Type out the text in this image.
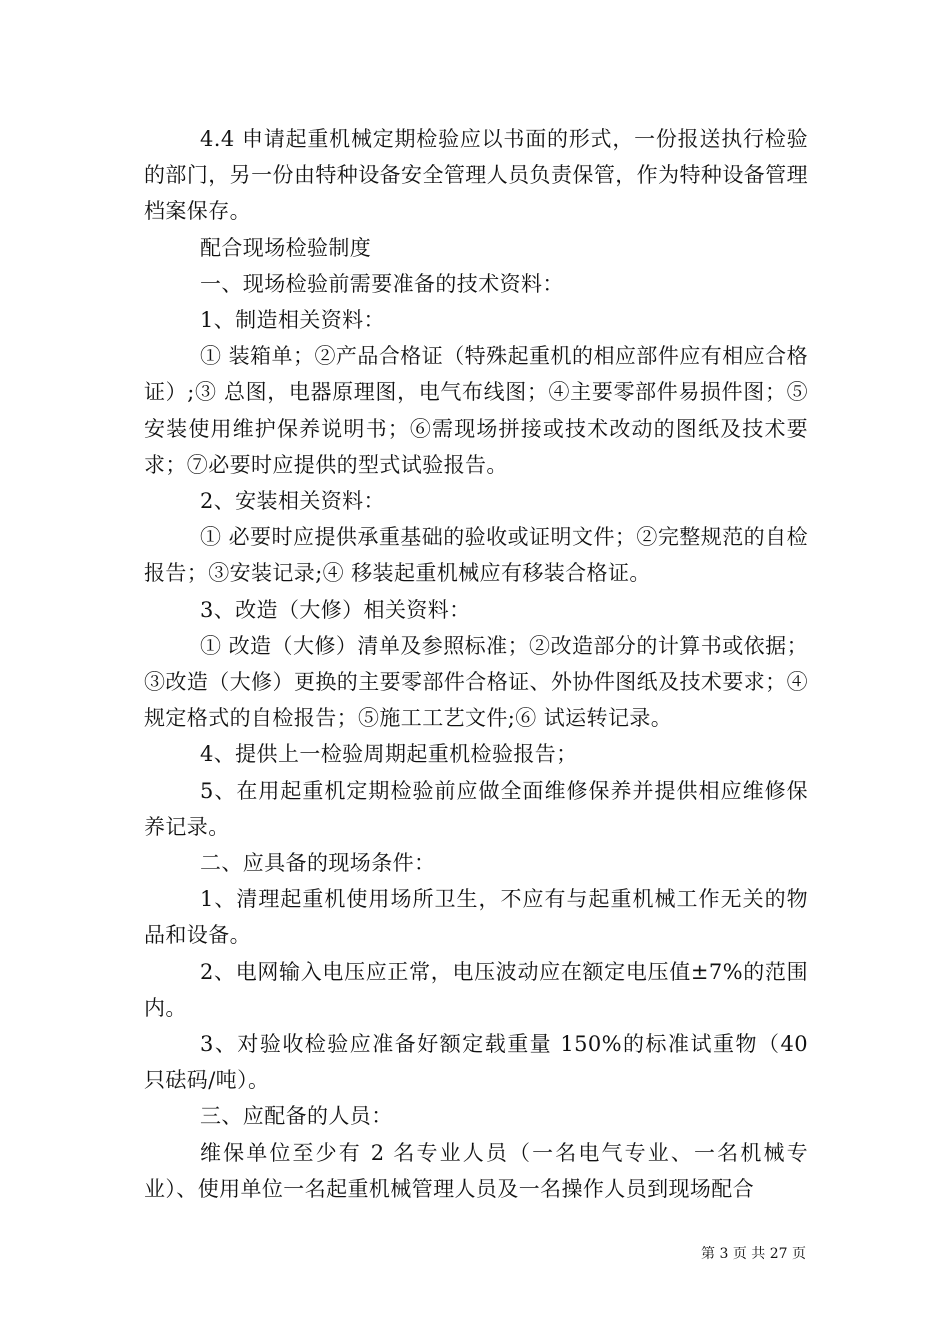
4.4 申请起重机械定期检验应以书面的形式，一份报送执行检验的部门，另一份由特种设备安全管理人员负责保管，作为特种设备管理档案保存。

配合现场检验制度

一、现场检验前需要准备的技术资料：

1、制造相关资料：

① 装箱单；②产品合格证（特殊起重机的相应部件应有相应合格证）;③ 总图，电器原理图，电气布线图；④主要零部件易损件图；⑤安装使用维护保养说明书；⑥需现场拼接或技术改动的图纸及技术要求；⑦必要时应提供的型式试验报告。

2、安装相关资料：

① 必要时应提供承重基础的验收或证明文件；②完整规范的自检报告；③安装记录;④ 移装起重机械应有移装合格证。

3、改造（大修）相关资料：

① 改造（大修）清单及参照标准；②改造部分的计算书或依据；③改造（大修）更换的主要零部件合格证、外协件图纸及技术要求；④规定格式的自检报告；⑤施工工艺文件;⑥ 试运转记录。

4、提供上一检验周期起重机检验报告；

5、在用起重机定期检验前应做全面维修保养并提供相应维修保养记录。

二、应具备的现场条件：

1、清理起重机使用场所卫生，不应有与起重机械工作无关的物品和设备。

2、电网输入电压应正常，电压波动应在额定电压值±7%的范围内。

3、对验收检验应准备好额定载重量 150%的标准试重物（40 只砝码/吨）。

三、应配备的人员：

维保单位至少有 2 名专业人员（一名电气专业、一名机械专业）、使用单位一名起重机械管理人员及一名操作人员到现场配合

第 3 页 共 27 页
